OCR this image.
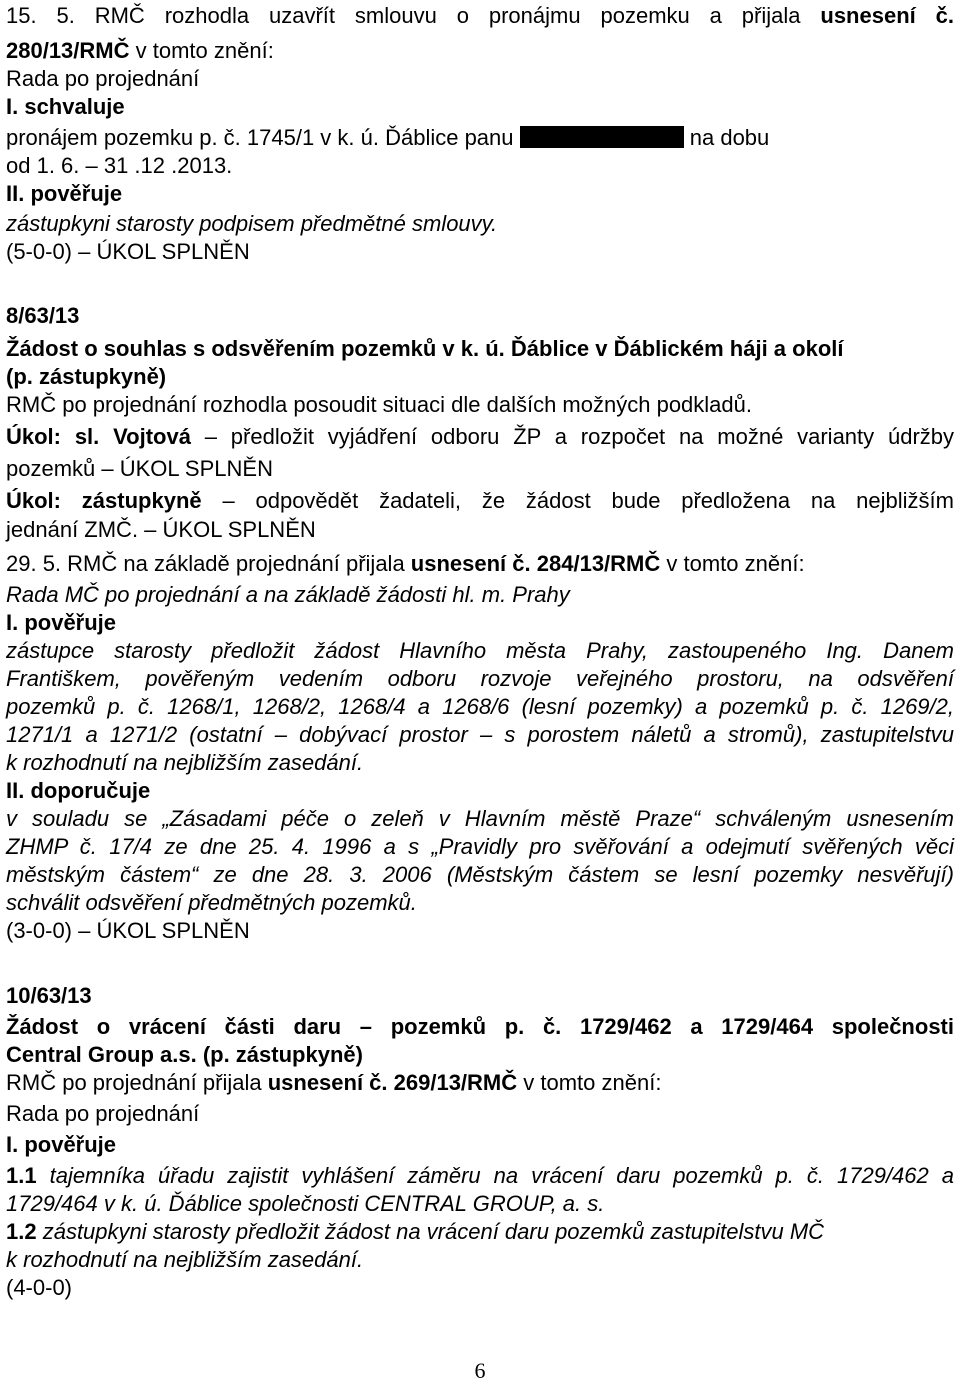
15. 5. RMČ rozhodla uzavřít smlouvu o pronájmu pozemku a přijala usnesení č.
280/13/RMČ v tomto znění:
Rada po projednání
I. schvaluje
pronájem pozemku p. č. 1745/1 v k. ú. Ďáblice panu	na dobu
od 1. 6. – 31 .12 .2013.
II. pověřuje
zástupkyni starosty podpisem předmětné smlouvy.
(5-0-0) – ÚKOL SPLNĚN
8/63/13
Žádost o souhlas s odsvěřením pozemků v k. ú. Ďáblice v Ďáblickém háji a okolí
(p. zástupkyně)
RMČ po projednání rozhodla posoudit situaci dle dalších možných podkladů.
Úkol: sl. Vojtová – předložit vyjádření odboru ŽP a rozpočet na možné varianty údržby
pozemků – ÚKOL SPLNĚN
Úkol: zástupkyně – odpovědět žadateli, že žádost bude předložena na nejbližším
jednání ZMČ. – ÚKOL SPLNĚN
29. 5. RMČ na základě projednání přijala usnesení č. 284/13/RMČ v tomto znění:
Rada MČ po projednání a na základě žádosti hl. m. Prahy
I. pověřuje
zástupce starosty předložit žádost Hlavního města Prahy, zastoupeného Ing. Danem
Františkem, pověřeným vedením odboru rozvoje veřejného prostoru, na odsvěření
pozemků p. č. 1268/1, 1268/2, 1268/4 a 1268/6 (lesní pozemky) a pozemků p. č. 1269/2,
1271/1 a 1271/2 (ostatní – dobývací prostor – s porostem náletů a stromů), zastupitelstvu
k rozhodnutí na nejbližším zasedání.
II. doporučuje
v souladu se „Zásadami péče o zeleň v Hlavním městě Praze“ schváleným usnesením
ZHMP č. 17/4 ze dne 25. 4. 1996 a s „Pravidly pro svěřování a odejmutí svěřených věci
městským částem“ ze dne 28. 3. 2006 (Městským částem se lesní pozemky nesvěřují)
schválit odsvěření předmětných pozemků.
(3-0-0) – ÚKOL SPLNĚN
10/63/13
Žádost o vrácení části daru – pozemků p. č. 1729/462 a 1729/464 společnosti
Central Group a.s. (p. zástupkyně)
RMČ po projednání přijala usnesení č. 269/13/RMČ v tomto znění:
Rada po projednání
I. pověřuje
1.1 tajemníka úřadu zajistit vyhlášení záměru na vrácení daru pozemků p. č. 1729/462 a
1729/464 v k. ú. Ďáblice společnosti CENTRAL GROUP, a. s.
1.2 zástupkyni starosty předložit žádost na vrácení daru pozemků zastupitelstvu MČ
k rozhodnutí na nejbližším zasedání.
(4-0-0)
6
